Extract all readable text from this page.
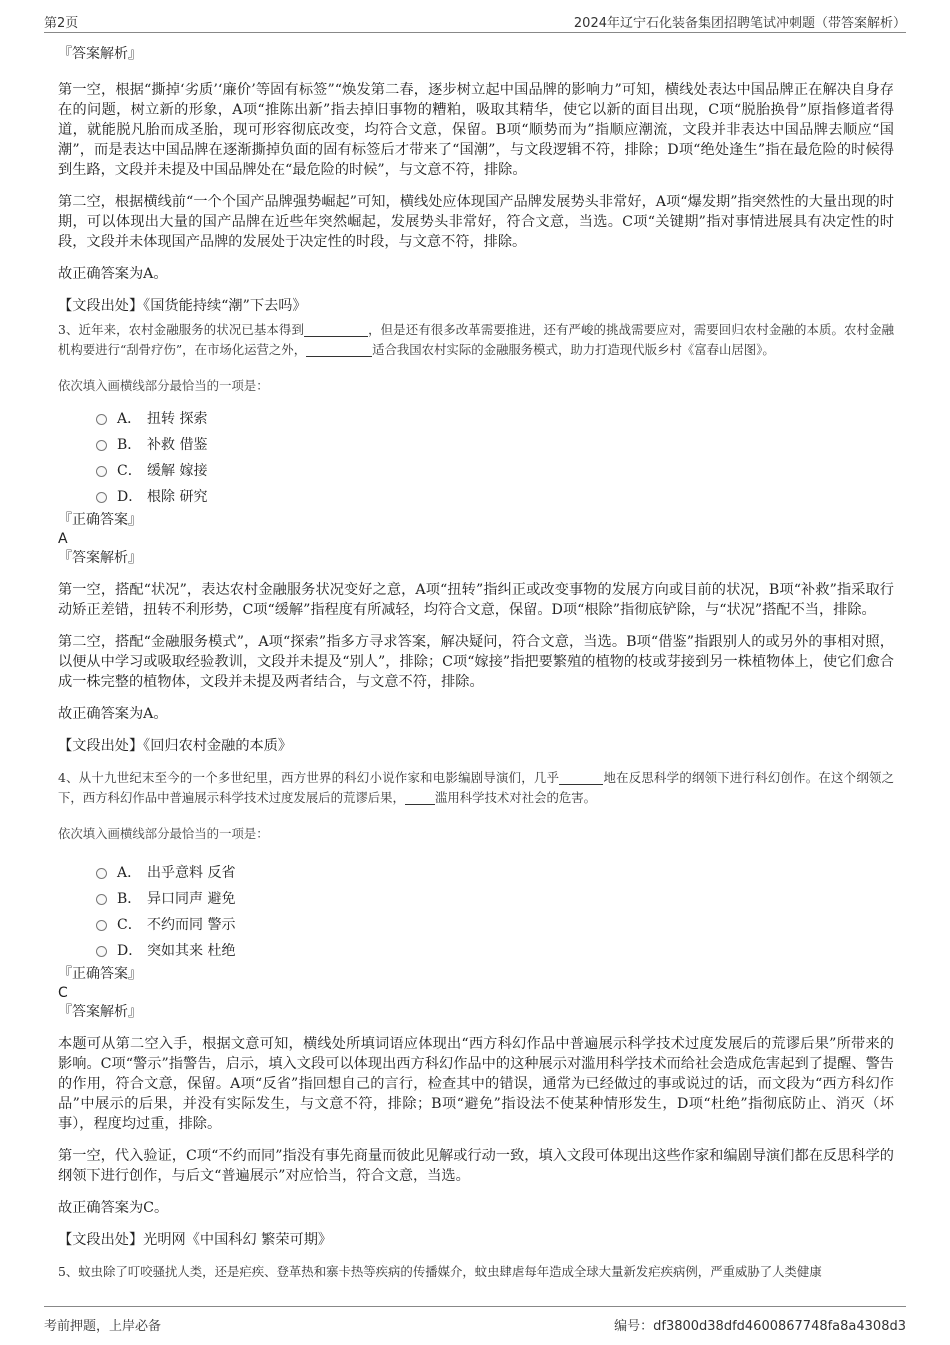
第2页	2024年辽宁石化装备集团招聘笔试冲刺题（带答案解析）

『答案解析』

第一空，根据“撕掉‘劣质’‘廉价’等固有标签”“焕发第二春，逐步树立起中国品牌的影响力”可知，横线处表达中国品牌正在解决自身存在的问题，树立新的形象，A项“推陈出新”指去掉旧事物的糟粕，吸取其精华，使它以新的面目出现，C项“脱胎换骨”原指修道者得道，就能脱凡胎而成圣胎，现可形容彻底改变，均符合文意，保留。B项“顺势而为”指顺应潮流，文段并非表达中国品牌去顺应“国潮”，而是表达中国品牌在逐渐撕掉负面的固有标签后才带来了“国潮”，与文段逻辑不符，排除；D项“绝处逢生”指在最危险的时候得到生路，文段并未提及中国品牌处在“最危险的时候”，与文意不符，排除。

第二空，根据横线前“一个个国产品牌强势崛起”可知，横线处应体现国产品牌发展势头非常好，A项“爆发期”指突然性的大量出现的时期，可以体现出大量的国产品牌在近些年突然崛起，发展势头非常好，符合文意，当选。C项“关键期”指对事情进展具有决定性的时段，文段并未体现国产品牌的发展处于决定性的时段，与文意不符，排除。

故正确答案为A。

【文段出处】《国货能持续“潮”下去吗》

3、近年来，农村金融服务的状况已基本得到	，但是还有很多改革需要推进，还有严峻的挑战需要应对，需要回归农村金融的本质。农村金融机构要进行“刮骨疗伤”，在市场化运营之外，	适合我国农村实际的金融服务模式，助力打造现代版乡村《富春山居图》。

依次填入画横线部分最恰当的一项是：

A． 扭转 探索
B． 补救 借鉴
C． 缓解 嫁接
D． 根除 研究

『正确答案』

A

『答案解析』

第一空，搭配“状况”，表达农村金融服务状况变好之意，A项“扭转”指纠正或改变事物的发展方向或目前的状况，B项“补救”指采取行动矫正差错，扭转不利形势，C项“缓解”指程度有所减轻，均符合文意，保留。D项“根除”指彻底铲除，与“状况”搭配不当，排除。

第二空，搭配“金融服务模式”，A项“探索”指多方寻求答案，解决疑问，符合文意，当选。B项“借鉴”指跟别人的或另外的事相对照，以便从中学习或吸取经验教训，文段并未提及“别人”，排除；C项“嫁接”指把要繁殖的植物的枝或芽接到另一株植物体上，使它们愈合成一株完整的植物体，文段并未提及两者结合，与文意不符，排除。

故正确答案为A。

【文段出处】《回归农村金融的本质》

4、从十九世纪末至今的一个多世纪里，西方世界的科幻小说作家和电影编剧导演们，几乎	地在反思科学的纲领下进行科幻创作。在这个纲领之下，西方科幻作品中普遍展示科学技术过度发展后的荒谬后果， 滥用科学技术对社会的危害。

依次填入画横线部分最恰当的一项是：

A． 出乎意料 反省
B． 异口同声 避免
C． 不约而同 警示
D． 突如其来 杜绝

『正确答案』

C

『答案解析』

本题可从第二空入手，根据文意可知，横线处所填词语应体现出“西方科幻作品中普遍展示科学技术过度发展后的荒谬后果”所带来的影响。C项“警示”指警告，启示，填入文段可以体现出西方科幻作品中的这种展示对滥用科学技术而给社会造成危害起到了提醒、警告的作用，符合文意，保留。A项“反省”指回想自己的言行，检查其中的错误，通常为已经做过的事或说过的话，而文段为“西方科幻作品”中展示的后果，并没有实际发生，与文意不符，排除；B项“避免”指设法不使某种情形发生，D项“杜绝”指彻底防止、消灭（坏事），程度均过重，排除。

第一空，代入验证，C项“不约而同”指没有事先商量而彼此见解或行动一致，填入文段可体现出这些作家和编剧导演们都在反思科学的纲领下进行创作，与后文“普遍展示”对应恰当，符合文意，当选。

故正确答案为C。

【文段出处】光明网《中国科幻 繁荣可期》

5、蚊虫除了叮咬骚扰人类，还是疟疾、登革热和寨卡热等疾病的传播媒介，蚊虫肆虐每年造成全球大量新发疟疾病例，严重威胁了人类健康

考前押题，上岸必备	编号：df3800d38dfd4600867748fa8a4308d3
